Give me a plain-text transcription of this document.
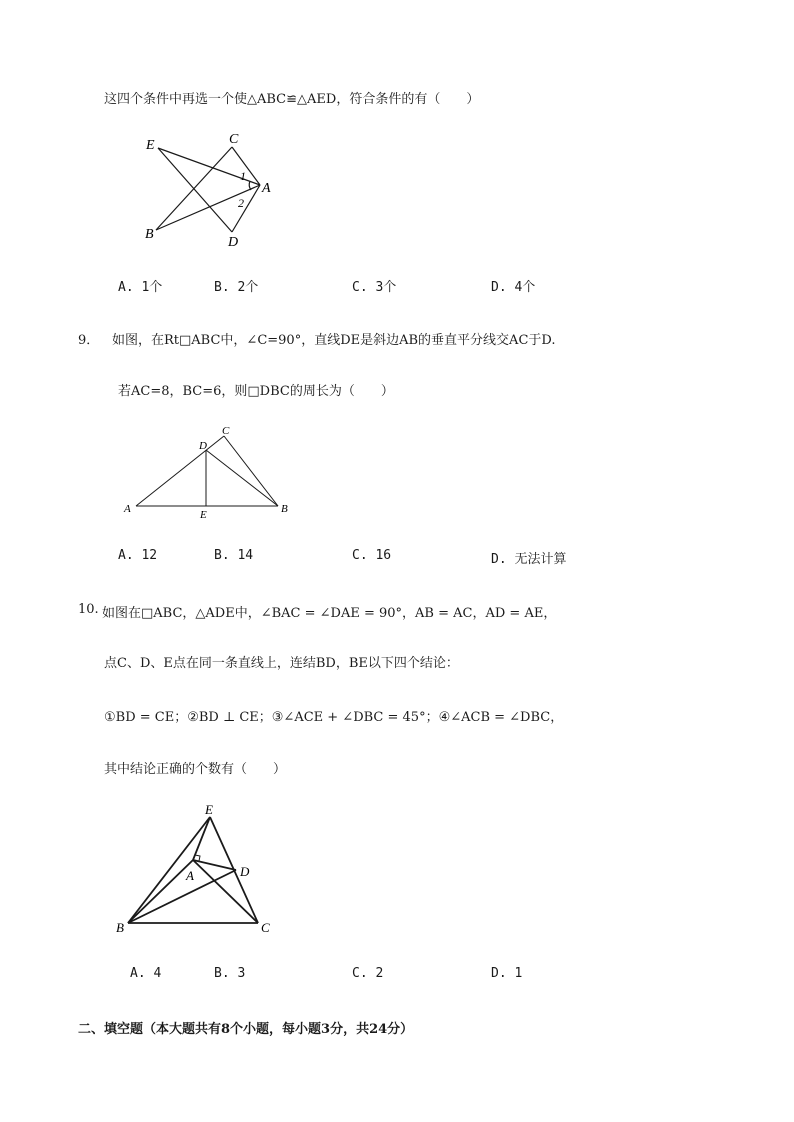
这四个条件中再选一个使△ABC≌△AED，符合条件的有（　　）
E	C
A
B
D
1
2
A. 1个	B. 2个	C. 3个	D. 4个
9． 如图，在Rt□ABC中，∠C=90°，直线DE是斜边AB的垂直平分线交AC于D.
若AC=8，BC=6，则□DBC的周长为（　　）
C
D
A	E	B
A. 12	B. 14	C. 16	D. 无法计算
10. 如图在□ABC，△ADE中，∠BAC = ∠DAE = 90°，AB = AC，AD = AE，
点C、D、E点在同一条直线上，连结BD，BE以下四个结论：
①BD = CE；②BD ⊥ CE；③∠ACE + ∠DBC = 45°；④∠ACB = ∠DBC，
其中结论正确的个数有（　　）
E
A	D
B	C
A. 4	B. 3	C. 2	D. 1
二、填空题（本大题共有8个小题，每小题3分，共24分）
